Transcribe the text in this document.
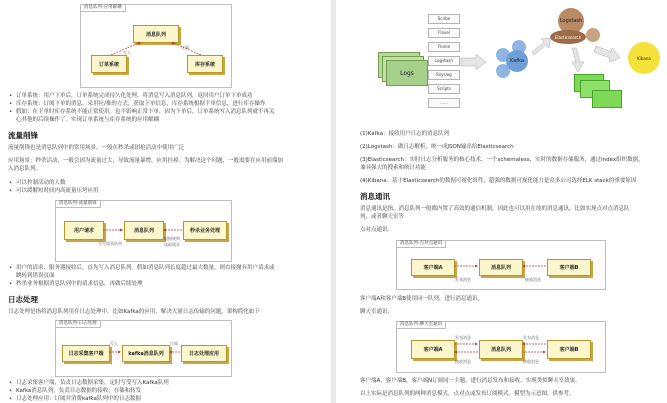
消息队列-应用解耦
消息队列
订单系统	库存系统
写入
订阅
• 订单系统：用户下单后，订单系统完成持久化处理，将消息写入消息队列，返回用户订单下单成功
• 库存系统：订阅下单的消息，采用拉/推的方式，获取下单信息，库存系统根据下单信息，进行库存操作
• 假如：在下单时库存系统不能正常使用。也不影响正常下单，因为下单后，订单系统写入消息队列就不再关
心其他的后续操作了。实现订单系统与库存系统的应用解耦
流量削锋
流量削锋也是消息队列中的常用场景，一般在秒杀或团抢活动中使用广泛
应用场景：秒杀活动，一般会因为流量过大，导致流量暴增，应用挂掉。为解决这个问题，一般需要在应用前端加
入消息队列。
• 可以控制活动的人数
• 可以缓解短时间内高流量压垮应用
消息队列-流量削锋
用户请求	消息队列	秒杀业务处理
写入请求队列
根据规则
读取请求
• 用户的请求，服务器接收后，首先写入消息队列。假如消息队列长度超过最大数量，则直接抛弃用户请求或
跳转到错误页面
• 秒杀业务根据消息队列中的请求信息，再做后续处理
日志处理
日志处理是指将消息队列用在日志处理中，比如Kafka的应用，解决大量日志传输的问题。架构简化如下
消息队列-日志处理
日志采集客户端	kafka消息队列	日志处理应用
写入	订阅
• 日志采集客户端，负责日志数据采集，定时写受写入Kafka队列
• Kafka消息队列，负责日志数据的接收，存储和转发
• 日志处理应用：订阅并消费kafka队列中的日志数据
Scribe
Flavel
Flume
Logstash
Rsyslog
Scripts
......
Logs
Kafka
Logstash
Elasticsearch
Kibana
(1)Kafka：接收用户日志的消息队列
(2)Logstash：做日志解析，统一成JSON输出给Elasticsearch
(3)Elasticsearch：实时日志分析服务的核心技术，一个schemaless，实时的数据存储服务，通过index组织数据，
兼具强大的搜索和统计功能
(4)Kibana：基于Elasticsearch的数据可视化组件，超强的数据可视化能力是众多公司选择ELK stack的重要原因
消息通讯
消息通讯是指，消息队列一般都内置了高效的通信机制，因此也可以用在纯的消息通讯。比如实现点对点消息队
列，或者聊天室等
点对点通讯：
消息队列-点对点通讯
客户端A	消息队列	客户端B
发布消息	接收消息
客户端A和客户端B使用同一队列，进行消息通讯。
聊天室通讯：
消息队列-聊天室通讯
客户端A	消息队列	客户端B
发布消息
接收消息
发布消息
接收消息
客户端A，客户端B，客户端N订阅同一主题，进行消息发布和接收。实现类似聊天室效果。
以上实际是消息队列的两种消息模式，点对点或发布订阅模式。模型为示意图，供参考。
